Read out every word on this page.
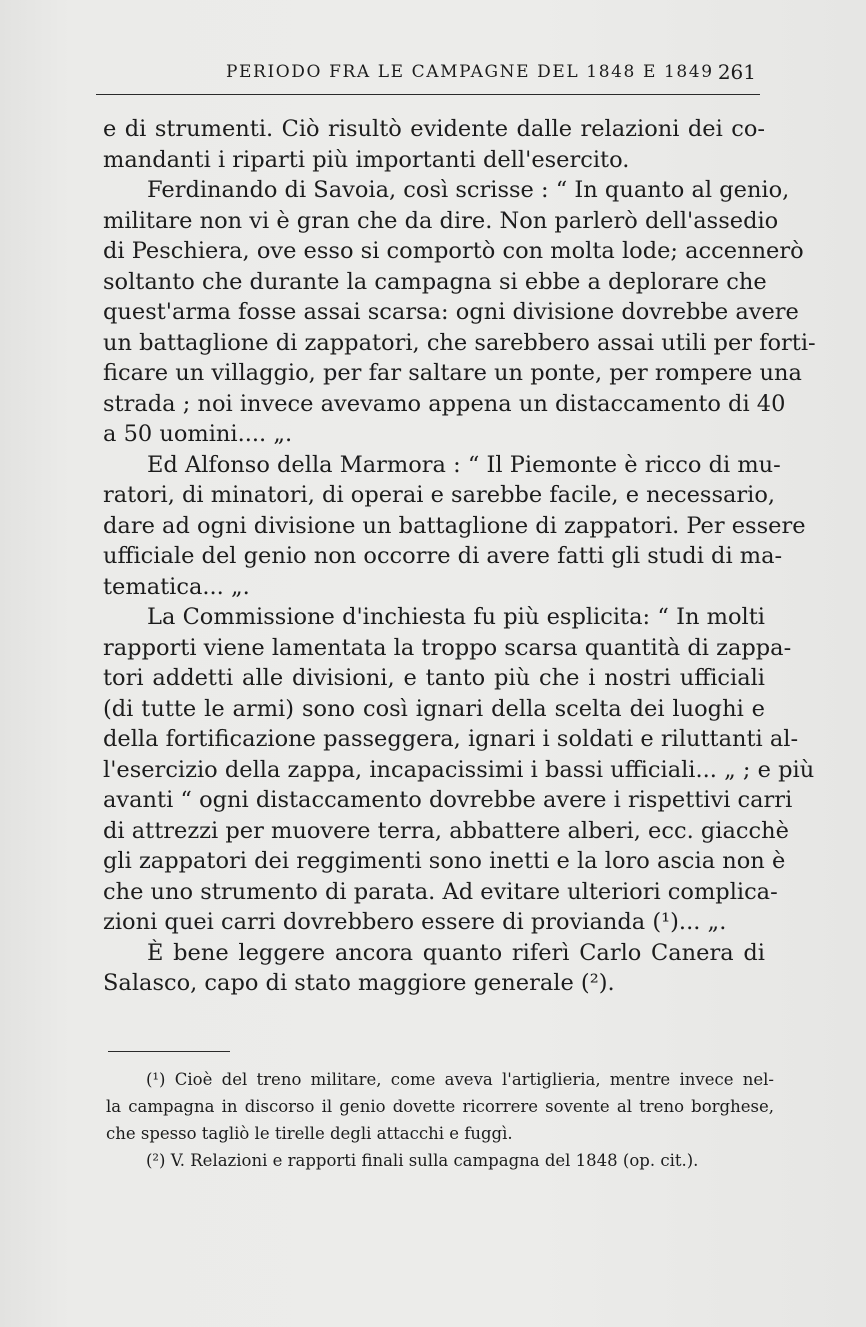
PERIODO FRA LE CAMPAGNE DEL 1848 E 1849 261
e di strumenti. Ciò risultò evidente dalle relazioni dei co-
mandanti i riparti più importanti dell'esercito.
Ferdinando di Savoia, così scrisse : “ In quanto al genio,
militare non vi è gran che da dire. Non parlerò dell'assedio
di Peschiera, ove esso si comportò con molta lode; accennerò
soltanto che durante la campagna si ebbe a deplorare che
quest'arma fosse assai scarsa: ogni divisione dovrebbe avere
un battaglione di zappatori, che sarebbero assai utili per forti-
ficare un villaggio, per far saltare un ponte, per rompere una
strada ; noi invece avevamo appena un distaccamento di 40
a 50 uomini.... „.
Ed Alfonso della Marmora : “ Il Piemonte è ricco di mu-
ratori, di minatori, di operai e sarebbe facile, e necessario,
dare ad ogni divisione un battaglione di zappatori. Per essere
ufficiale del genio non occorre di avere fatti gli studi di ma-
tematica... „.
La Commissione d'inchiesta fu più esplicita: “ In molti
rapporti viene lamentata la troppo scarsa quantità di zappa-
tori addetti alle divisioni, e tanto più che i nostri ufficiali
(di tutte le armi) sono così ignari della scelta dei luoghi e
della fortificazione passeggera, ignari i soldati e riluttanti al-
l'esercizio della zappa, incapacissimi i bassi ufficiali... „ ; e più
avanti “ ogni distaccamento dovrebbe avere i rispettivi carri
di attrezzi per muovere terra, abbattere alberi, ecc. giacchè
gli zappatori dei reggimenti sono inetti e la loro ascia non è
che uno strumento di parata. Ad evitare ulteriori complica-
zioni quei carri dovrebbero essere di provianda (¹)... „.
È bene leggere ancora quanto riferì Carlo Canera di
Salasco, capo di stato maggiore generale (²).
(¹) Cioè del treno militare, come aveva l'artiglieria, mentre invece nel-
la campagna in discorso il genio dovette ricorrere sovente al treno borghese,
che spesso tagliò le tirelle degli attacchi e fuggì.
(²) V. Relazioni e rapporti finali sulla campagna del 1848 (op. cit.).
